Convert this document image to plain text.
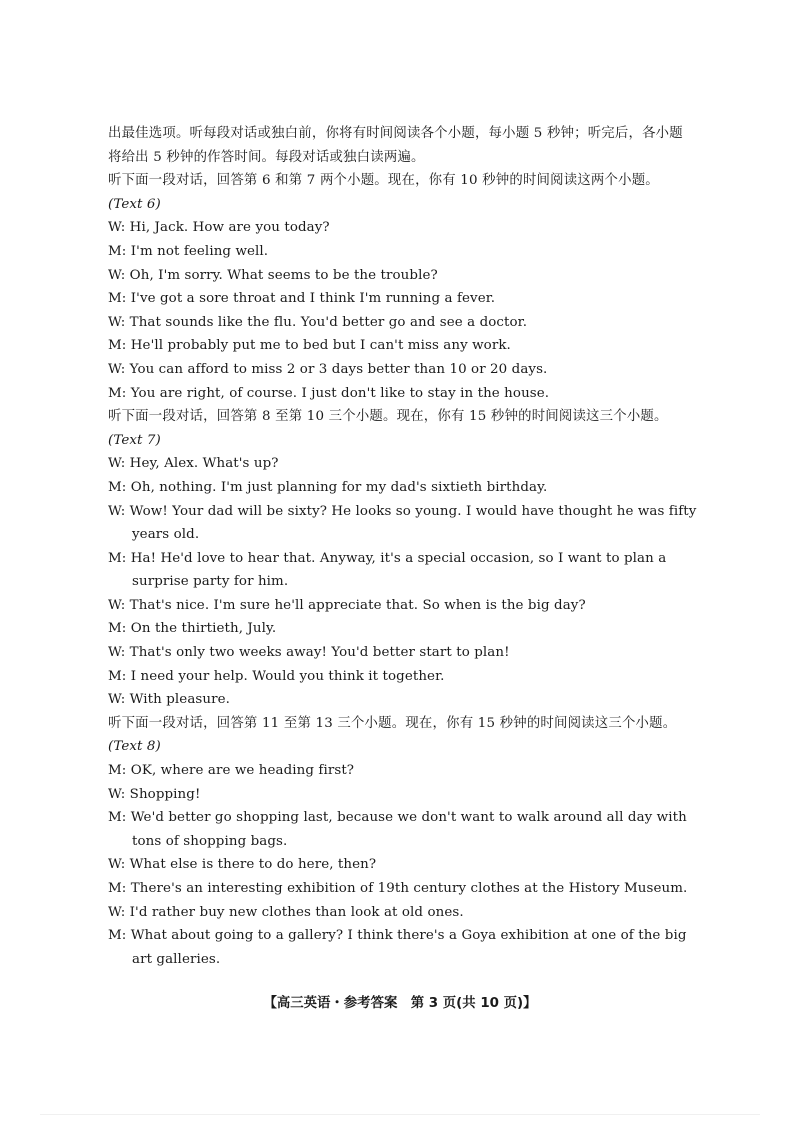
出最佳选项。听每段对话或独白前，你将有时间阅读各个小题，每小题 5 秒钟；听完后，各小题
将给出 5 秒钟的作答时间。每段对话或独白读两遍。
听下面一段对话，回答第 6 和第 7 两个小题。现在，你有 10 秒钟的时间阅读这两个小题。
(Text 6)
W: Hi, Jack. How are you today?
M: I'm not feeling well.
W: Oh, I'm sorry. What seems to be the trouble?
M: I've got a sore throat and I think I'm running a fever.
W: That sounds like the flu. You'd better go and see a doctor.
M: He'll probably put me to bed but I can't miss any work.
W: You can afford to miss 2 or 3 days better than 10 or 20 days.
M: You are right, of course. I just don't like to stay in the house.
听下面一段对话，回答第 8 至第 10 三个小题。现在，你有 15 秒钟的时间阅读这三个小题。
(Text 7)
W: Hey, Alex. What's up?
M: Oh, nothing. I'm just planning for my dad's sixtieth birthday.
W: Wow! Your dad will be sixty? He looks so young. I would have thought he was fifty years old.
M: Ha! He'd love to hear that. Anyway, it's a special occasion, so I want to plan a surprise party for him.
W: That's nice. I'm sure he'll appreciate that. So when is the big day?
M: On the thirtieth, July.
W: That's only two weeks away! You'd better start to plan!
M: I need your help. Would you think it together.
W: With pleasure.
听下面一段对话，回答第 11 至第 13 三个小题。现在，你有 15 秒钟的时间阅读这三个小题。
(Text 8)
M: OK, where are we heading first?
W: Shopping!
M: We'd better go shopping last, because we don't want to walk around all day with tons of shopping bags.
W: What else is there to do here, then?
M: There's an interesting exhibition of 19th century clothes at the History Museum.
W: I'd rather buy new clothes than look at old ones.
M: What about going to a gallery? I think there's a Goya exhibition at one of the big art galleries.
【高三英语・参考答案　第 3 页(共 10 页)】
